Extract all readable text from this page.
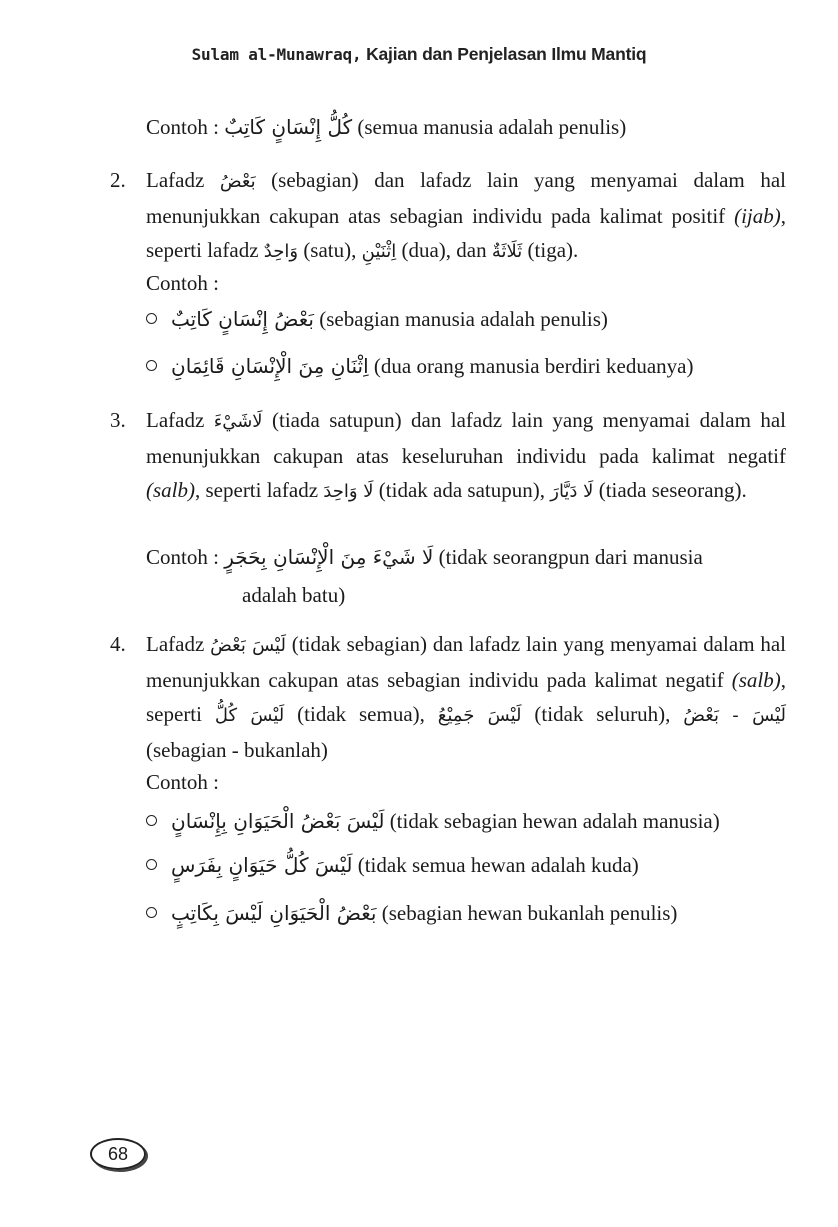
Sulam al-Munawraq, Kajian dan Penjelasan Ilmu Mantiq
Contoh : كُلُّ إِنْسَانٍ كَاتِبٌ (semua manusia adalah penulis)
2. Lafadz بَعْضُ (sebagian) dan lafadz lain yang menyamai dalam hal menunjukkan cakupan atas sebagian individu pada kalimat positif (ijab), seperti lafadz وَاحِدٌ (satu), اِثْنَيْنِ (dua), dan ثَلَاثَةٌ (tiga).
Contoh :
بَعْضُ إِنْسَانٍ كَاتِبٌ (sebagian manusia adalah penulis)
اِثْنَانِ مِنَ الْإِنْسَانِ قَائِمَانِ (dua orang manusia berdiri keduanya)
3. Lafadz لَاشَيْءَ (tiada satupun) dan lafadz lain yang menyamai dalam hal menunjukkan cakupan atas keseluruhan individu pada kalimat negatif (salb), seperti lafadz لَا وَاحِدَ (tidak ada satupun), لَا دَيَّارَ (tiada seseorang).
Contoh : لَا شَيْءَ مِنَ الْإِنْسَانِ بِحَجَرٍ (tidak seorangpun dari manusia
adalah batu)
4. Lafadz لَيْسَ بَعْضُ (tidak sebagian) dan lafadz lain yang menyamai dalam hal menunjukkan cakupan atas sebagian individu pada kalimat negatif (salb), seperti لَيْسَ كُلُّ (tidak semua), لَيْسَ جَمِيْعُ (tidak seluruh), لَيْسَ - بَعْضُ (sebagian - bukanlah)
Contoh :
لَيْسَ بَعْضُ الْحَيَوَانِ بِإِنْسَانٍ (tidak sebagian hewan adalah manusia)
لَيْسَ كُلُّ حَيَوَانٍ بِفَرَسٍ (tidak semua hewan adalah kuda)
بَعْضُ الْحَيَوَانِ لَيْسَ بِكَاتِبٍ (sebagian hewan bukanlah penulis)
68
